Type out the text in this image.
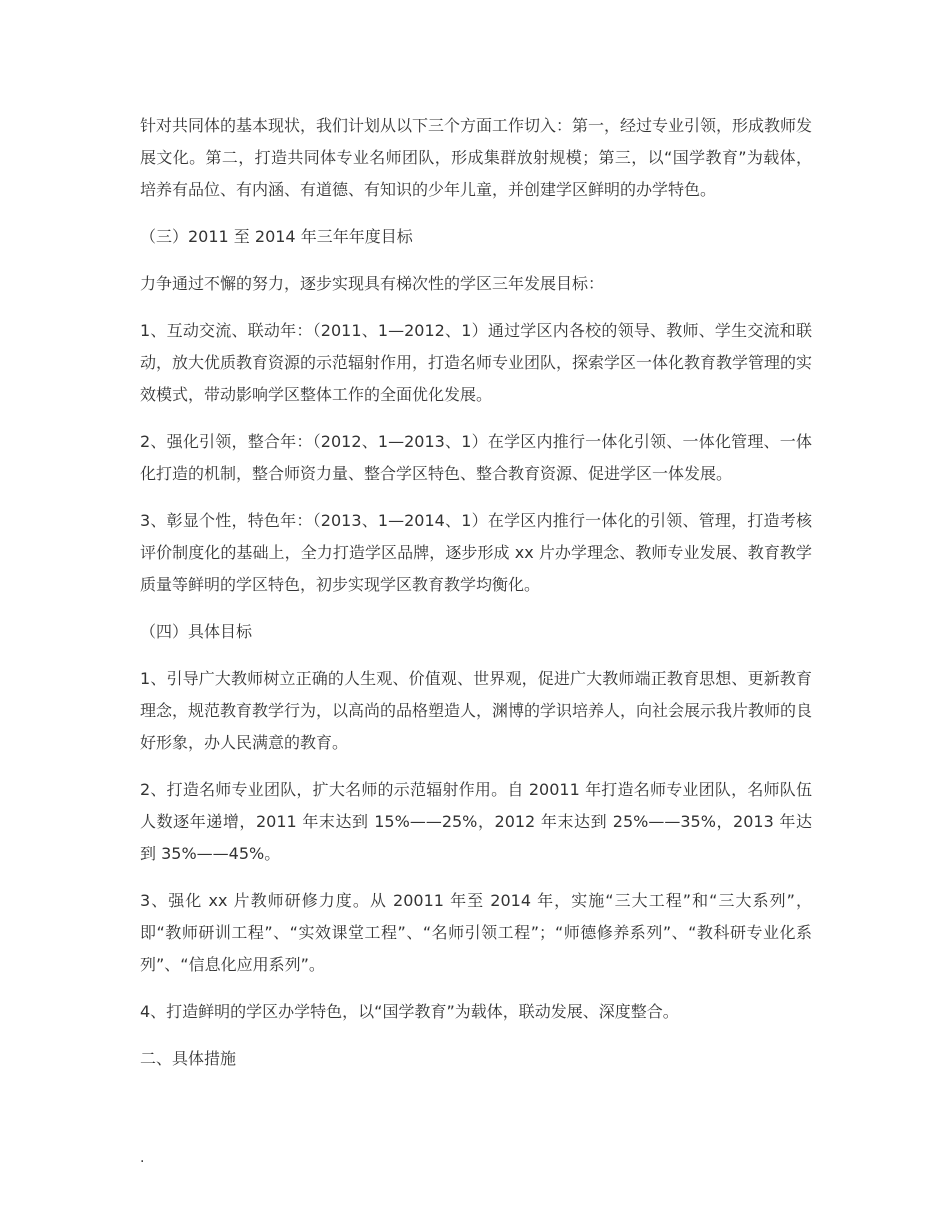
针对共同体的基本现状，我们计划从以下三个方面工作切入：第一，经过专业引领，形成教师发展文化。第二，打造共同体专业名师团队，形成集群放射规模；第三，以“国学教育”为载体，培养有品位、有内涵、有道德、有知识的少年儿童，并创建学区鲜明的办学特色。

（三）2011 至 2014 年三年年度目标

力争通过不懈的努力，逐步实现具有梯次性的学区三年发展目标：

1、互动交流、联动年：（2011、1—2012、1）通过学区内各校的领导、教师、学生交流和联动，放大优质教育资源的示范辐射作用，打造名师专业团队，探索学区一体化教育教学管理的实效模式，带动影响学区整体工作的全面优化发展。

2、强化引领，整合年：（2012、1—2013、1）在学区内推行一体化引领、一体化管理、一体化打造的机制，整合师资力量、整合学区特色、整合教育资源、促进学区一体发展。

3、彰显个性，特色年：（2013、1—2014、1）在学区内推行一体化的引领、管理，打造考核评价制度化的基础上，全力打造学区品牌，逐步形成 xx 片办学理念、教师专业发展、教育教学质量等鲜明的学区特色，初步实现学区教育教学均衡化。

（四）具体目标

1、引导广大教师树立正确的人生观、价值观、世界观，促进广大教师端正教育思想、更新教育理念，规范教育教学行为，以高尚的品格塑造人，渊博的学识培养人，向社会展示我片教师的良好形象，办人民满意的教育。

2、打造名师专业团队，扩大名师的示范辐射作用。自 20011 年打造名师专业团队，名师队伍人数逐年递增，2011 年末达到 15%——25%，2012 年末达到 25%——35%，2013 年达到 35%——45%。

3、强化 xx 片教师研修力度。从 20011 年至 2014 年，实施“三大工程”和“三大系列”，即“教师研训工程”、“实效课堂工程”、“名师引领工程”；“师德修养系列”、“教科研专业化系列”、“信息化应用系列”。

4、打造鲜明的学区办学特色，以“国学教育”为载体，联动发展、深度整合。

二、具体措施

.
